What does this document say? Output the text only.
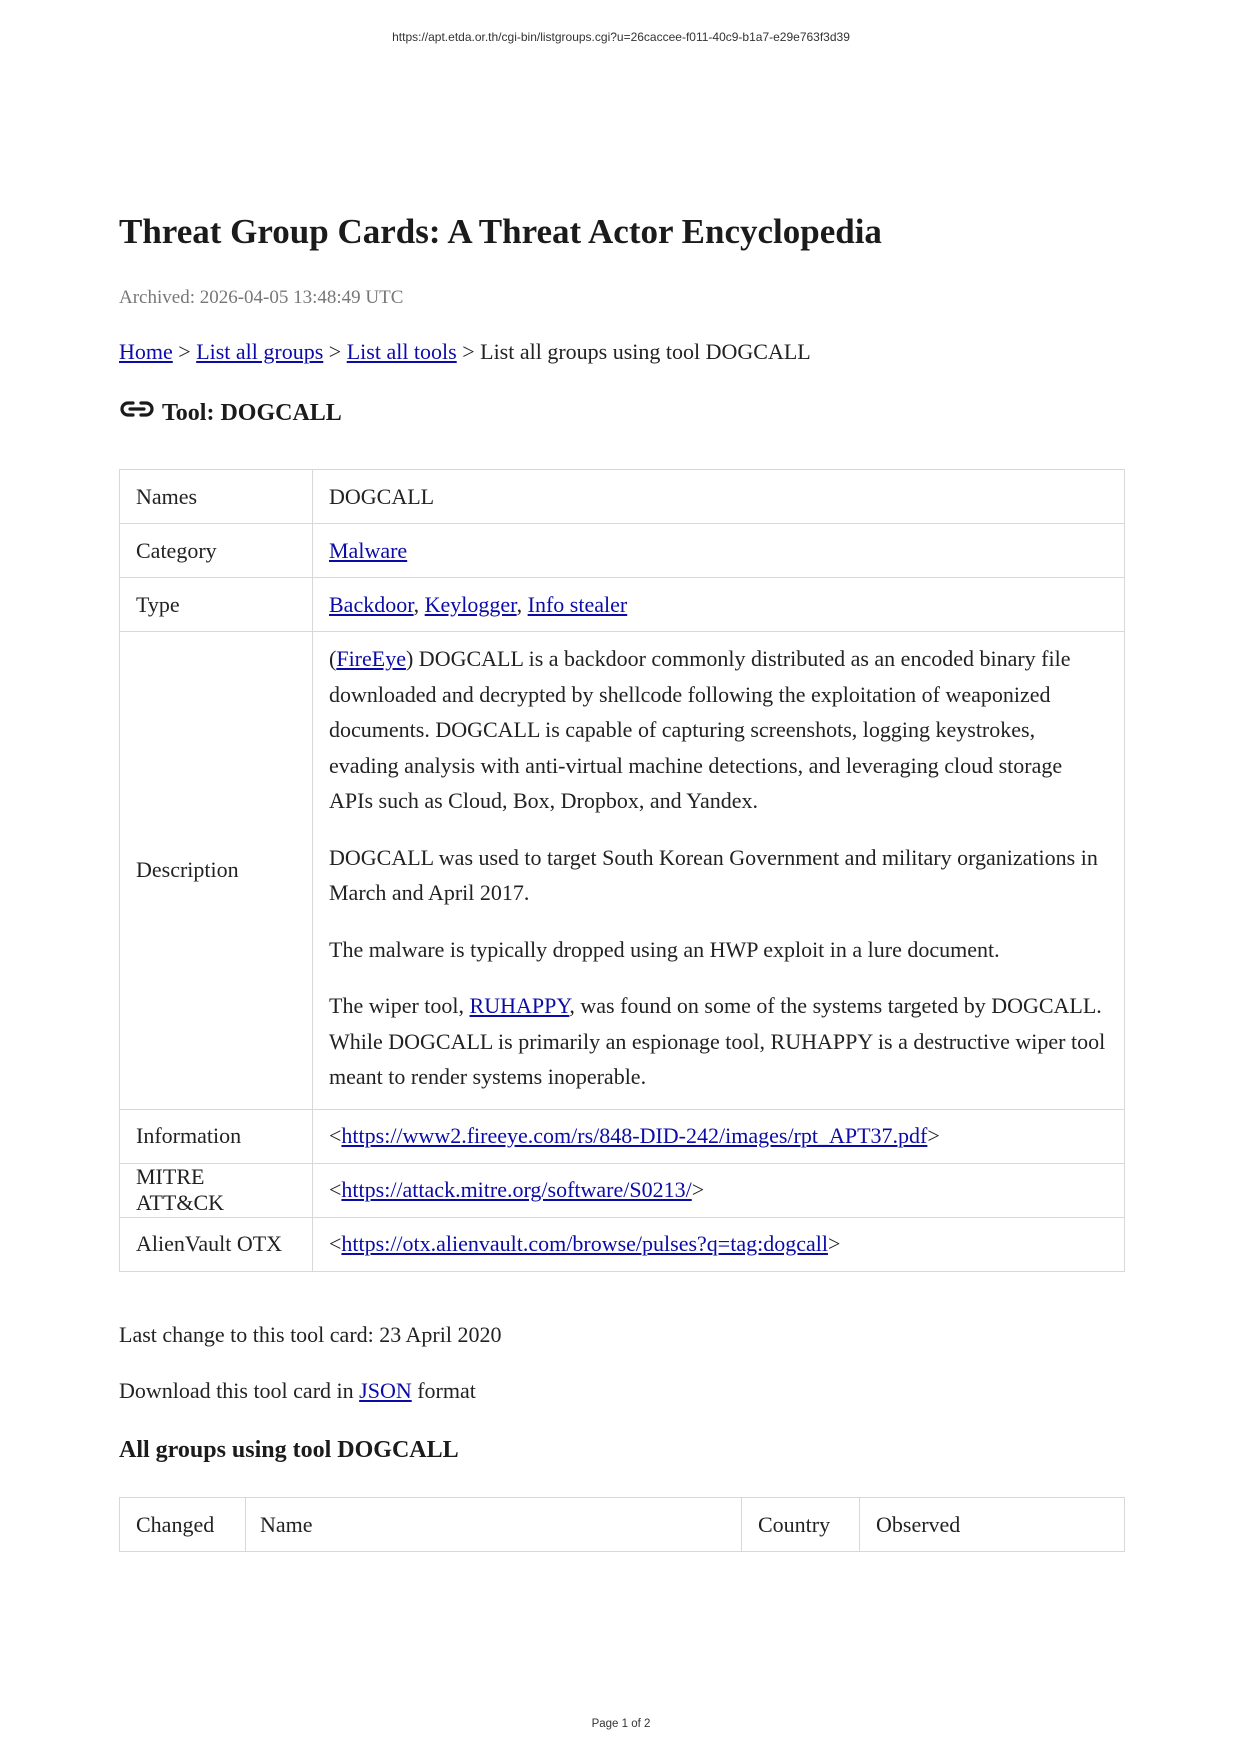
https://apt.etda.or.th/cgi-bin/listgroups.cgi?u=26caccee-f011-40c9-b1a7-e29e763f3d39
Threat Group Cards: A Threat Actor Encyclopedia
Archived: 2026-04-05 13:48:49 UTC
Home > List all groups > List all tools > List all groups using tool DOGCALL
Tool: DOGCALL
Names	DOGCALL
Category	Malware
Type	Backdoor, Keylogger, Info stealer
Description	(FireEye) DOGCALL is a backdoor commonly distributed as an encoded binary file downloaded and decrypted by shellcode following the exploitation of weaponized documents. DOGCALL is capable of capturing screenshots, logging keystrokes, evading analysis with anti-virtual machine detections, and leveraging cloud storage APIs such as Cloud, Box, Dropbox, and Yandex.

DOGCALL was used to target South Korean Government and military organizations in March and April 2017.

The malware is typically dropped using an HWP exploit in a lure document.

The wiper tool, RUHAPPY, was found on some of the systems targeted by DOGCALL. While DOGCALL is primarily an espionage tool, RUHAPPY is a destructive wiper tool meant to render systems inoperable.

Information	<https://www2.fireeye.com/rs/848-DID-242/images/rpt_APT37.pdf>
MITRE ATT&CK	<https://attack.mitre.org/software/S0213/>
AlienVault OTX	<https://otx.alienvault.com/browse/pulses?q=tag:dogcall>
Last change to this tool card: 23 April 2020
Download this tool card in JSON format
All groups using tool DOGCALL
Changed	Name	Country	Observed
Page 1 of 2
